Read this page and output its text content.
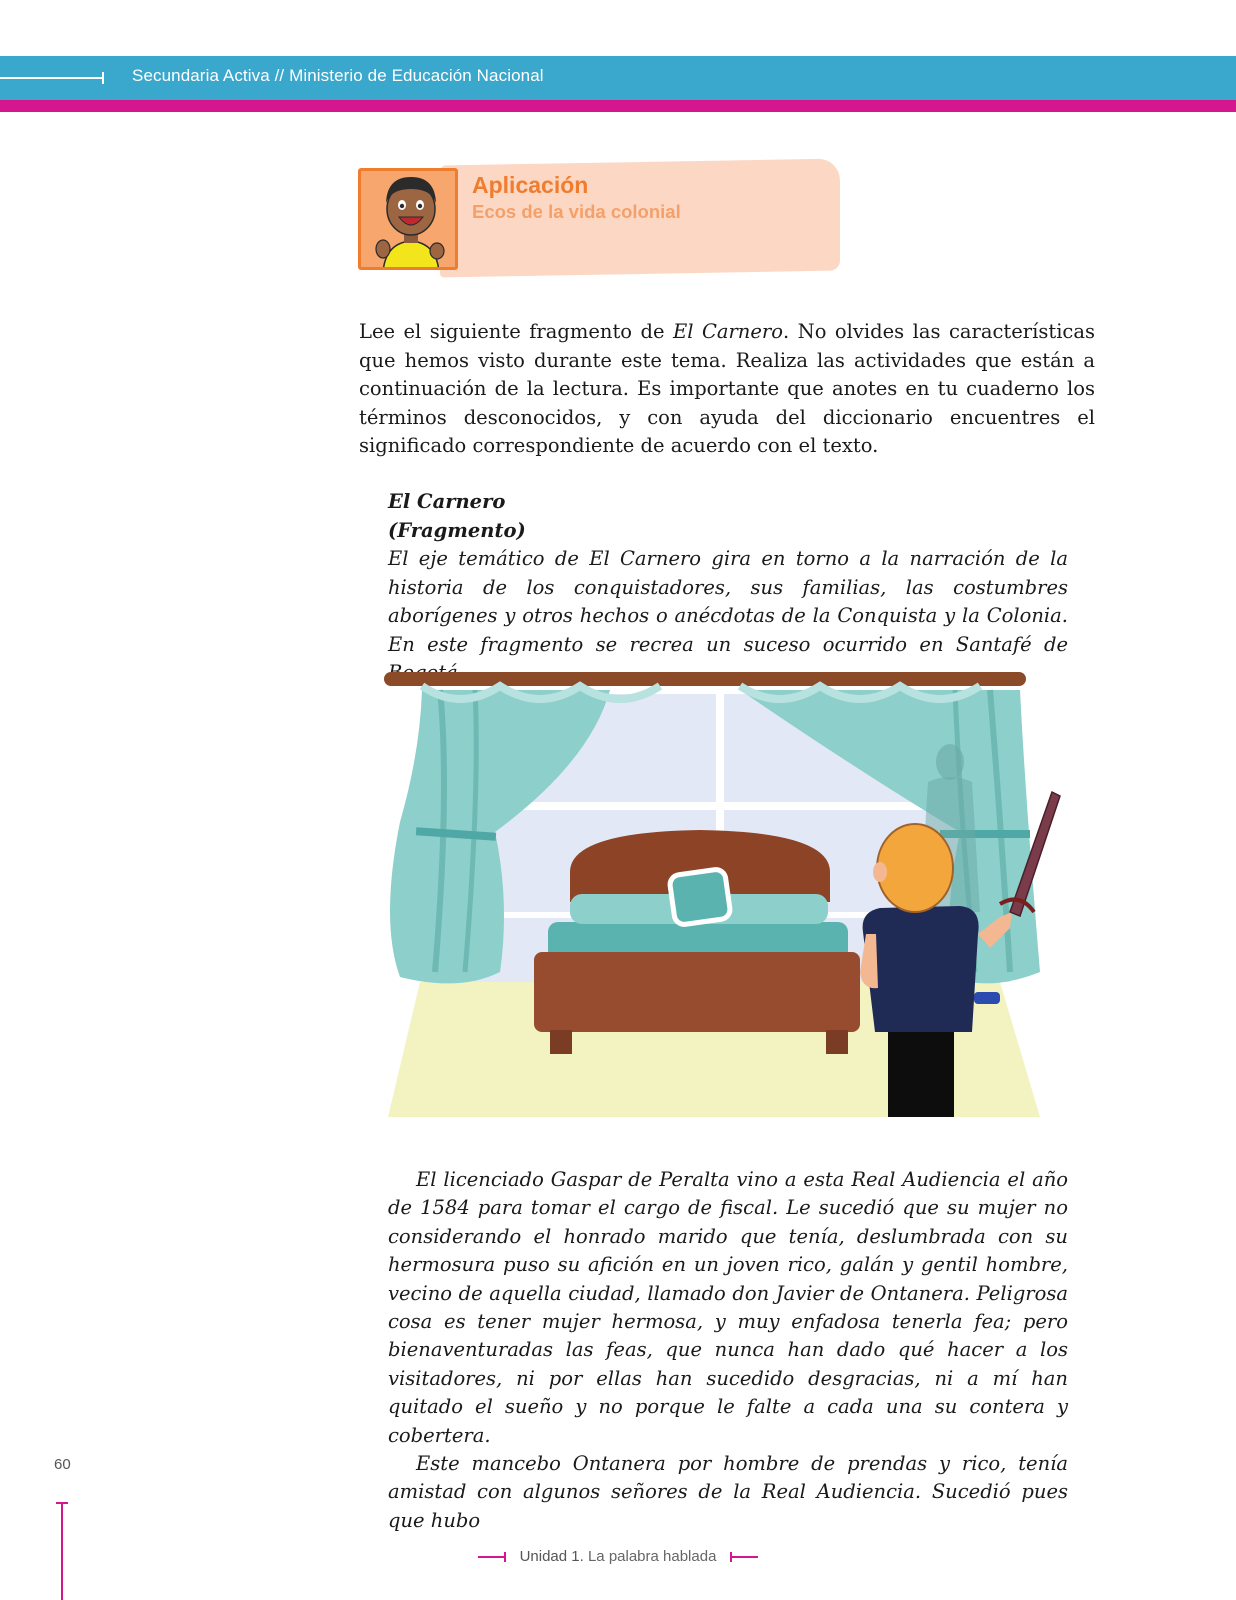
Secundaria Activa // Ministerio de Educación Nacional
Aplicación
Ecos de la vida colonial

Lee el siguiente fragmento de El Carnero. No olvides las características que hemos visto durante este tema. Realiza las actividades que están a continuación de la lectura. Es importante que anotes en tu cuaderno los términos desconocidos, y con ayuda del diccionario encuentres el significado correspondiente de acuerdo con el texto.

El Carnero
(Fragmento)
El eje temático de El Carnero gira en torno a la narración de la historia de los conquistadores, sus familias, las costumbres aborígenes y otros hechos o anécdotas de la Conquista y la Colonia. En este fragmento se recrea un suceso ocurrido en Santafé de

El licenciado Gaspar de Peralta vino a esta Real Audiencia el año de 1584 para tomar el cargo de fiscal. Le sucedió que su mujer no considerando el honrado marido que tenía, deslumbrada con su hermosura puso su afición en un joven rico, galán y gentil hombre, vecino de aquella ciudad, llamado don Javier de Ontanera. Peligrosa cosa es tener mujer hermosa, y muy enfadosa tenerla fea; pero bienaventuradas las feas, que nunca han dado qué hacer a los visitadores, ni por ellas han sucedido desgracias, ni a mí han quitado el sueño y no porque le falte a cada una su contera y cobertera.

Este mancebo Ontanera por hombre de prendas y rico, tenía amistad con algunos señores de la Real Audiencia. Sucedió pues que hubo

60
Unidad 1. La palabra hablada
